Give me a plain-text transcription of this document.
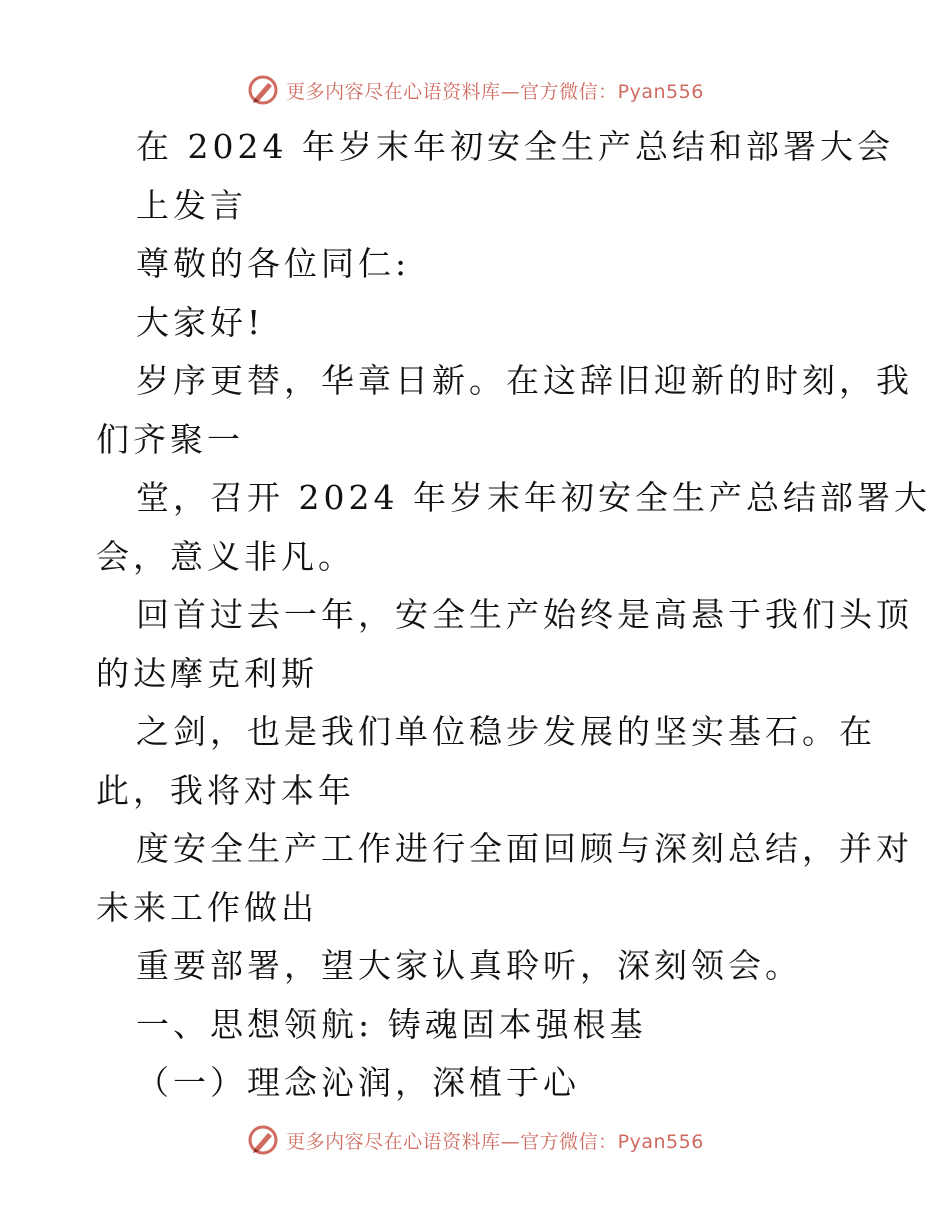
更多内容尽在心语资料库—官方微信：Pyan556
在 2024 年岁末年初安全生产总结和部署大会
上发言
尊敬的各位同仁:
大家好!
岁序更替，华章日新。在这辞旧迎新的时刻，我
们齐聚一
堂，召开 2024 年岁末年初安全生产总结部署大
会，意义非凡。
回首过去一年，安全生产始终是高悬于我们头顶
的达摩克利斯
之剑，也是我们单位稳步发展的坚实基石。在
此，我将对本年
度安全生产工作进行全面回顾与深刻总结，并对
未来工作做出
重要部署，望大家认真聆听，深刻领会。
一、思想领航: 铸魂固本强根基
（一）理念沁润，深植于心
更多内容尽在心语资料库—官方微信：Pyan556
